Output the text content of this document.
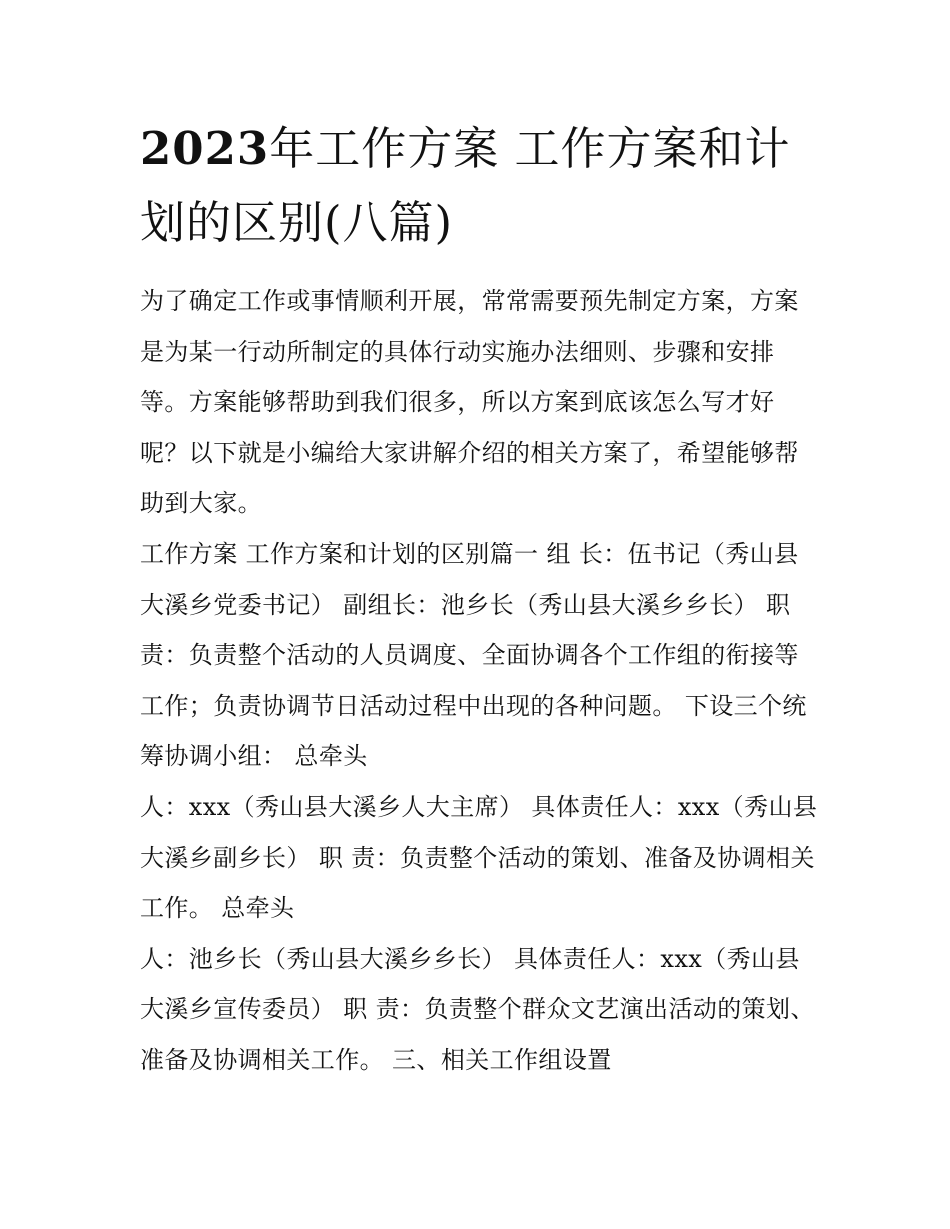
2023年工作方案 工作方案和计划的区别(八篇)

为了确定工作或事情顺利开展，常常需要预先制定方案，方案是为某一行动所制定的具体行动实施办法细则、步骤和安排等。方案能够帮助到我们很多，所以方案到底该怎么写才好呢？以下就是小编给大家讲解介绍的相关方案了，希望能够帮助到大家。

工作方案 工作方案和计划的区别篇一 组 长：伍书记（秀山县大溪乡党委书记） 副组长：池乡长（秀山县大溪乡乡长） 职 责：负责整个活动的人员调度、全面协调各个工作组的衔接等工作；负责协调节日活动过程中出现的各种问题。 下设三个统筹协调小组： 总牵头

人：xxx（秀山县大溪乡人大主席） 具体责任人：xxx（秀山县大溪乡副乡长） 职 责：负责整个活动的策划、准备及协调相关工作。 总牵头

人：池乡长（秀山县大溪乡乡长） 具体责任人：xxx（秀山县大溪乡宣传委员） 职 责：负责整个群众文艺演出活动的策划、准备及协调相关工作。 三、相关工作组设置
